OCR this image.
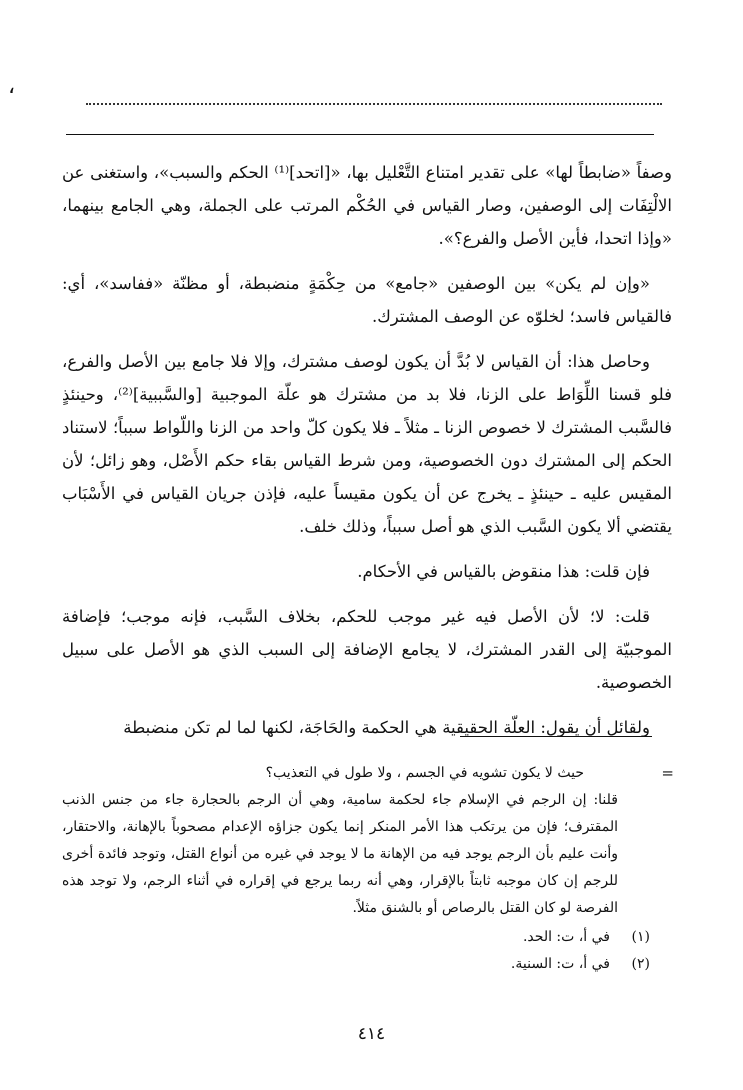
،

وصفاً «ضابطاً لها» على تقدير امتناع التَّعْليل بها، «[اتحد]⁽¹⁾ الحكم والسبب»، واستغنى عن الالْتِفَات إلى الوصفين، وصار القياس في الحُكْم المرتب على الجملة، وهي الجامع بينهما، «وإذا اتحدا، فأين الأصل والفرع؟».

«وإن لم يكن» بين الوصفين «جامع» من حِكْمَةٍ منضبطة، أو مظنّة «ففاسد»، أي: فالقياس فاسد؛ لخلوّه عن الوصف المشترك.

وحاصل هذا: أن القياس لا بُدَّ أن يكون لوصف مشترك، وإلا فلا جامع بين الأصل والفرع، فلو قسنا اللِّوَاط على الزنا، فلا بد من مشترك هو علّة الموجبية [والسَّببية]⁽²⁾، وحينئذٍ فالسَّبب المشترك لا خصوص الزنا ـ مثلاً ـ فلا يكون كلّ واحد من الزنا واللّواط سبباً؛ لاستناد الحكم إلى المشترك دون الخصوصية، ومن شرط القياس بقاء حكم الأَصْل، وهو زائل؛ لأن المقيس عليه ـ حينئذٍ ـ يخرج عن أن يكون مقيساً عليه، فإذن جريان القياس في الأَسْبَاب يقتضي ألا يكون السَّبب الذي هو أصل سبباً، وذلك خلف.

فإن قلت: هذا منقوض بالقياس في الأحكام.

قلت: لا؛ لأن الأصل فيه غير موجب للحكم، بخلاف السَّبب، فإنه موجب؛ فإضافة الموجبيّة إلى القدر المشترك، لا يجامع الإضافة إلى السبب الذي هو الأصل على سبيل الخصوصية.

ولقائل أن يقول: العلّة الحقيقية هي الحكمة والحَاجَة، لكنها لما لم تكن منضبطة

=

حيث لا يكون تشويه في الجسم ، ولا طول في التعذيب؟

قلنا: إن الرجم في الإسلام جاء لحكمة سامية، وهي أن الرجم بالحجارة جاء من جنس الذنب المقترف؛ فإن من يرتكب هذا الأمر المنكر إنما يكون جزاؤه الإعدام مصحوباً بالإهانة، والاحتقار، وأنت عليم بأن الرجم يوجد فيه من الإهانة ما لا يوجد في غيره من أنواع القتل، وتوجد فائدة أخرى للرجم إن كان موجبه ثابتاً بالإقرار، وهي أنه ربما يرجع في إقراره في أثناء الرجم، ولا توجد هذه الفرصة لو كان القتل بالرصاص أو بالشنق مثلاً.

(١)
في أ، ت: الحد.
(٢)
في أ، ت: السنية.
٤١٤
